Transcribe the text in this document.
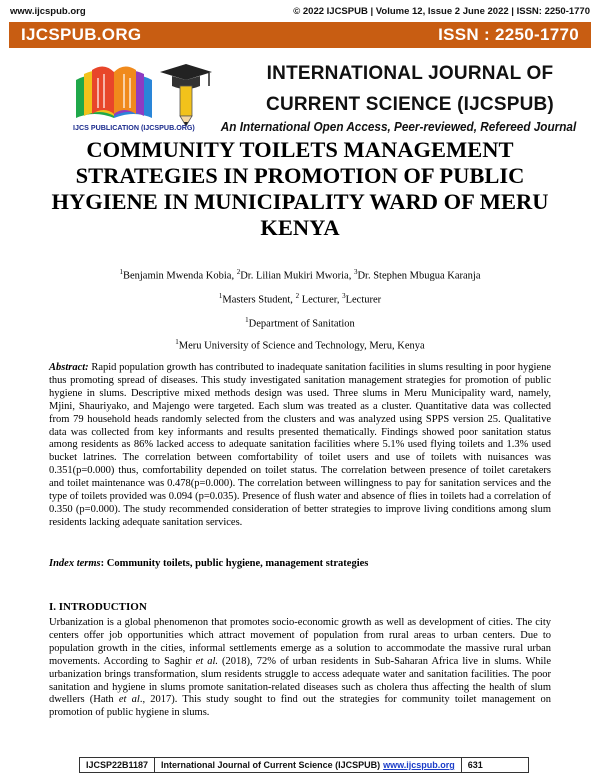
www.ijcspub.org	© 2022 IJCSPUB | Volume 12, Issue 2 June 2022 | ISSN: 2250-1770
IJCSPUB.ORG	ISSN : 2250-1770
IJCS PUBLICATION (IJCSPUB.ORG)
INTERNATIONAL JOURNAL OF
CURRENT SCIENCE (IJCSPUB)
An International Open Access, Peer-reviewed, Refereed Journal
COMMUNITY TOILETS MANAGEMENT STRATEGIES IN PROMOTION OF PUBLIC HYGIENE IN MUNICIPALITY WARD OF MERU KENYA
$^1$Benjamin Mwenda Kobia, $^2$Dr. Lilian Mukiri Mworia, $^3$Dr. Stephen Mbugua Karanja
$^1$Masters Student, $^2$ Lecturer, $^3$Lecturer
$^1$Department of Sanitation
$^1$Meru University of Science and Technology, Meru, Kenya
Abstract: Rapid population growth has contributed to inadequate sanitation facilities in slums resulting in poor hygiene thus promoting spread of diseases. This study investigated sanitation management strategies for promotion of public hygiene in slums. Descriptive mixed methods design was used. Three slums in Meru Municipality ward, namely, Mjini, Shauriyako, and Majengo were targeted. Each slum was treated as a cluster. Quantitative data was collected from 79 household heads randomly selected from the clusters and was analyzed using SPPS version 25. Qualitative data was collected from key informants and results presented thematically. Findings showed poor sanitation status among residents as 86% lacked access to adequate sanitation facilities where 5.1% used flying toilets and 1.3% used bucket latrines. The correlation between comfortability of toilet users and use of toilets with nuisances was 0.351(p=0.000) thus, comfortability depended on toilet status. The correlation between presence of toilet caretakers and toilet maintenance was 0.478(p=0.000). The correlation between willingness to pay for sanitation services and the type of toilets provided was 0.094 (p=0.035). Presence of flush water and absence of flies in toilets had a correlation of 0.350 (p=0.000). The study recommended consideration of better strategies to improve living conditions among slum residents lacking adequate sanitation services.
Index terms: Community toilets, public hygiene, management strategies
I. INTRODUCTION
Urbanization is a global phenomenon that promotes socio-economic growth as well as development of cities. The city centers offer job opportunities which attract movement of population from rural areas to urban centers. Due to population growth in the cities, informal settlements emerge as a solution to accommodate the massive rural urban movements. According to Saghir et al. (2018), 72% of urban residents in Sub-Saharan Africa live in slums. While urbanization brings transformation, slum residents struggle to access adequate water and sanitation facilities. The poor sanitation and hygiene in slums promote sanitation-related diseases such as cholera thus affecting the health of slum dwellers (Hath et al., 2017). This study sought to find out the strategies for community toilet management on promotion of public hygiene in slums.
IJCSP22B1187	International Journal of Current Science (IJCSPUB) www.ijcspub.org	631
